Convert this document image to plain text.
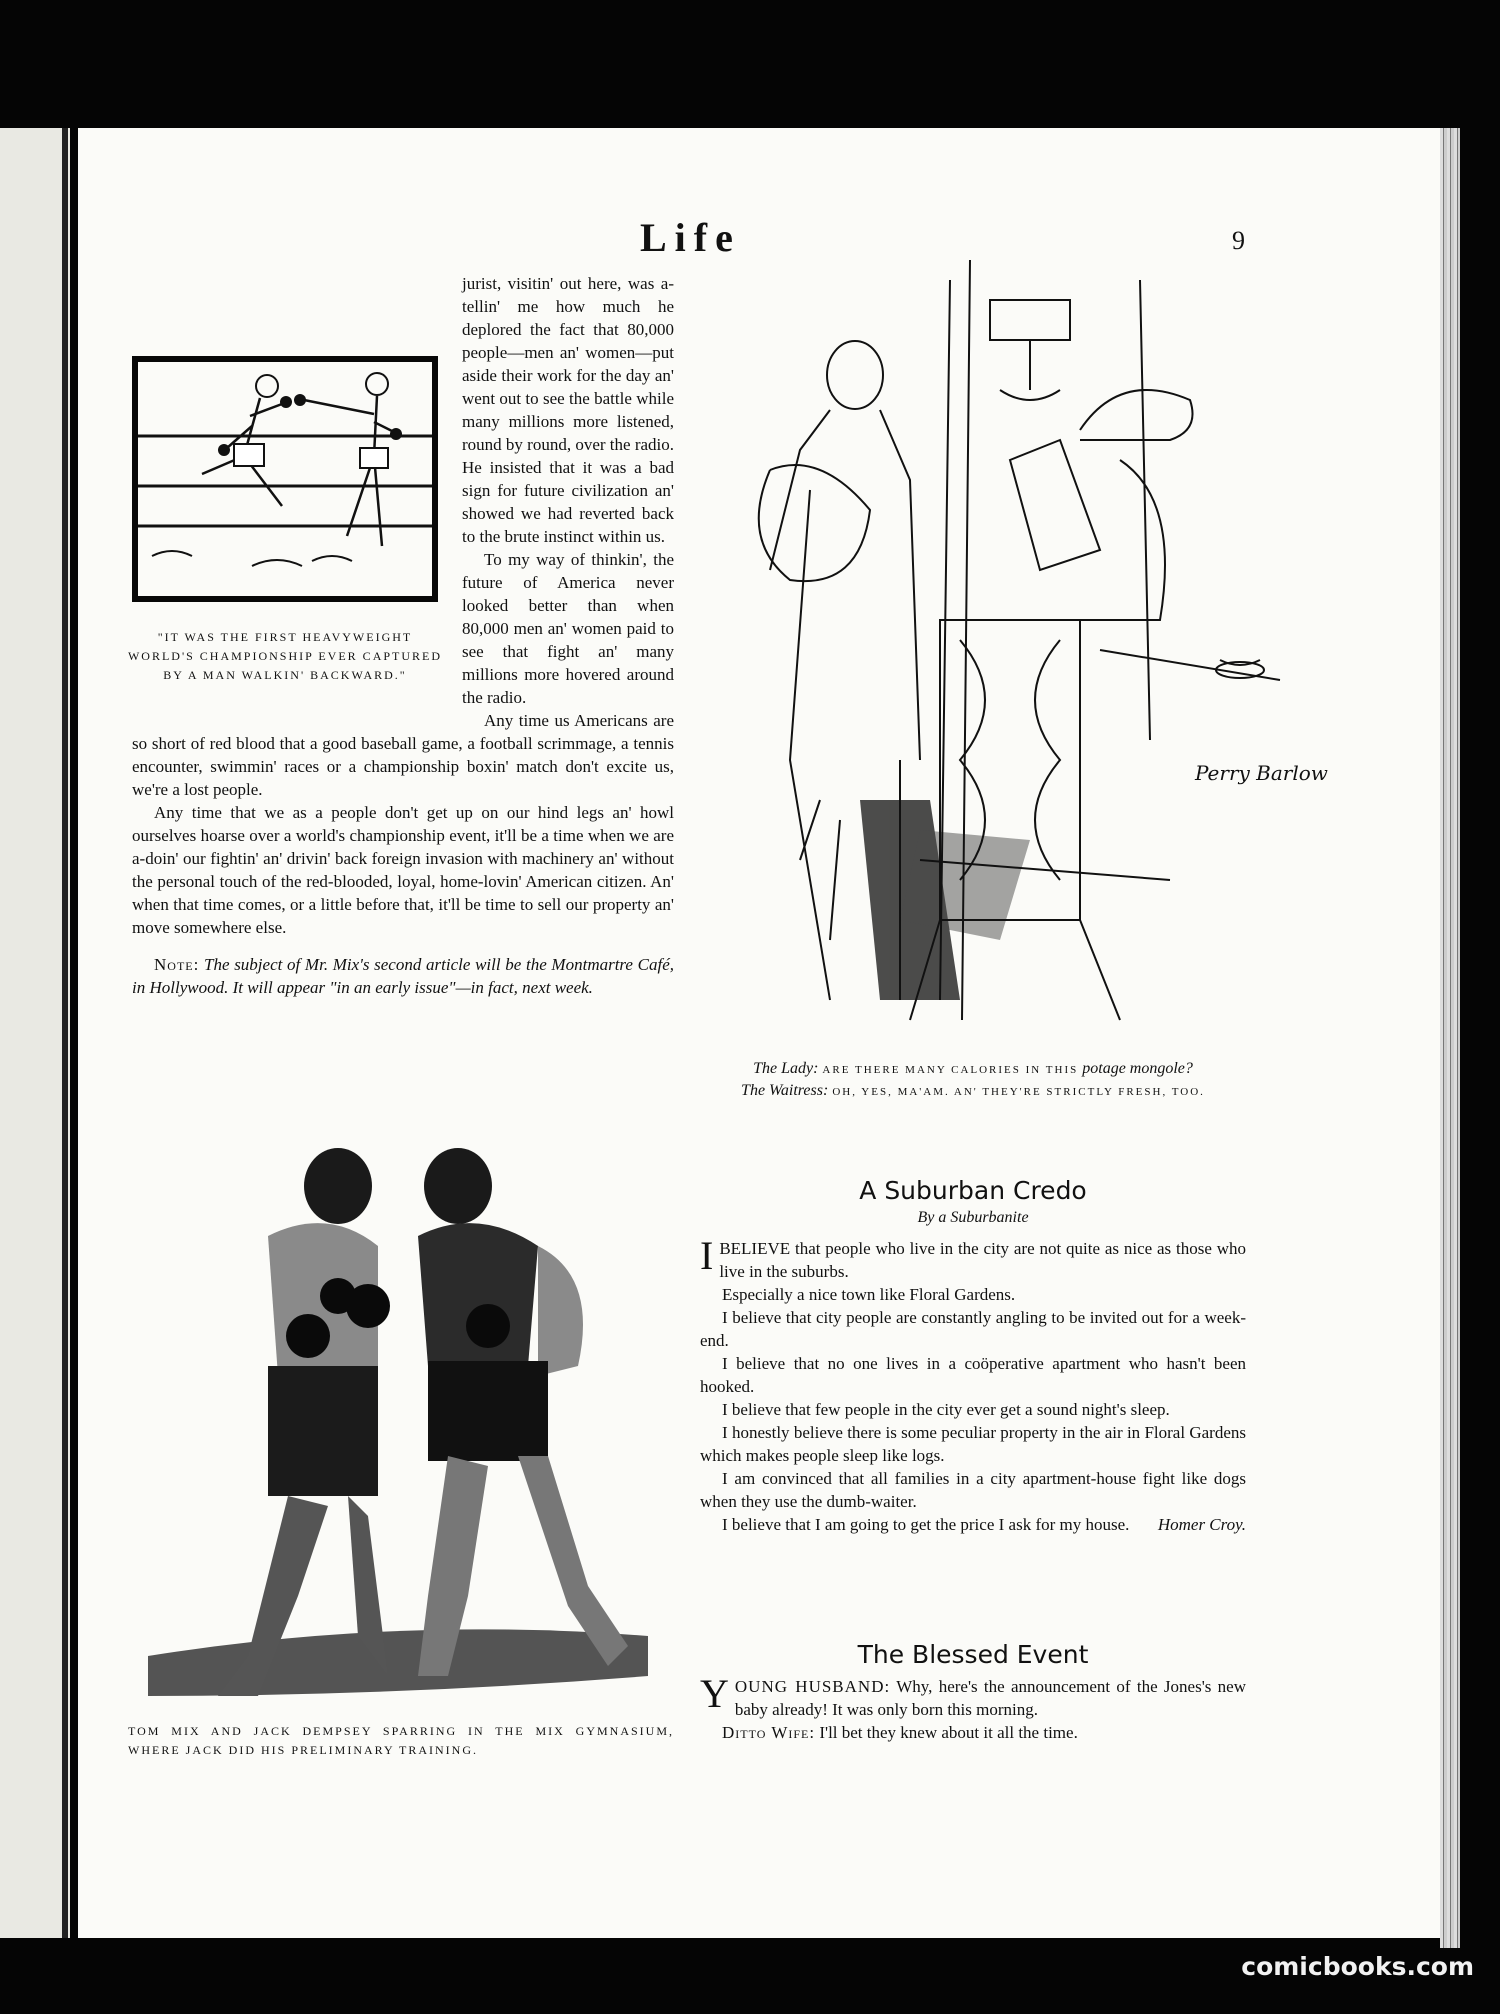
Life	9

jurist, visitin' out here, was a-tellin' me how much he deplored the fact that 80,000 people—men an' women—put aside their work for the day an' went out to see the battle while many millions more listened, round by round, over the radio. He insisted that it was a bad sign for future civilization an' showed we had reverted back to the brute instinct within us.

To my way of thinkin', the future of America never looked better than when 80,000 men an' women paid to see that fight an' many millions more hovered around the radio.

Any time us Americans are so short of red blood that a good baseball game, a football scrimmage, a tennis encounter, swimmin' races or a championship boxin' match don't excite us, we're a lost people.

Any time that we as a people don't get up on our hind legs an' howl ourselves hoarse over a world's championship event, it'll be a time when we are a-doin' our fightin' an' drivin' back foreign invasion with machinery an' without the personal touch of the red-blooded, loyal, home-lovin' American citizen. An' when that time comes, or a little before that, it'll be time to sell our property an' move somewhere else.

Note: The subject of Mr. Mix's second article will be the Montmartre Café, in Hollywood. It will appear "in an early issue"—in fact, next week.

"IT WAS THE FIRST HEAVYWEIGHT WORLD'S CHAMPIONSHIP EVER CAPTURED BY A MAN WALKIN' BACKWARD."
Perry Barlow
The Lady: ARE THERE MANY CALORIES IN THIS potage mongole?
The Waitress: OH, YES, MA'AM. AN' THEY'RE STRICTLY FRESH, TOO.
TOM MIX AND JACK DEMPSEY SPARRING IN THE MIX GYMNASIUM, WHERE JACK DID HIS PRELIMINARY TRAINING.
A Suburban Credo
By a Suburbanite

I BELIEVE that people who live in the city are not quite as nice as those who live in the suburbs.

Especially a nice town like Floral Gardens.

I believe that city people are constantly angling to be invited out for a week-end.

I believe that no one lives in a coöperative apartment who hasn't been hooked.

I believe that few people in the city ever get a sound night's sleep.

I honestly believe there is some peculiar property in the air in Floral Gardens which makes people sleep like logs.

I am convinced that all families in a city apartment-house fight like dogs when they use the dumb-waiter.

I believe that I am going to get the price I ask for my house.	Homer Croy.

The Blessed Event

Y OUNG HUSBAND: Why, here's the announcement of the Jones's new baby already! It was only born this morning.

Ditto Wife: I'll bet they knew about it all the time.

comicbooks.com
